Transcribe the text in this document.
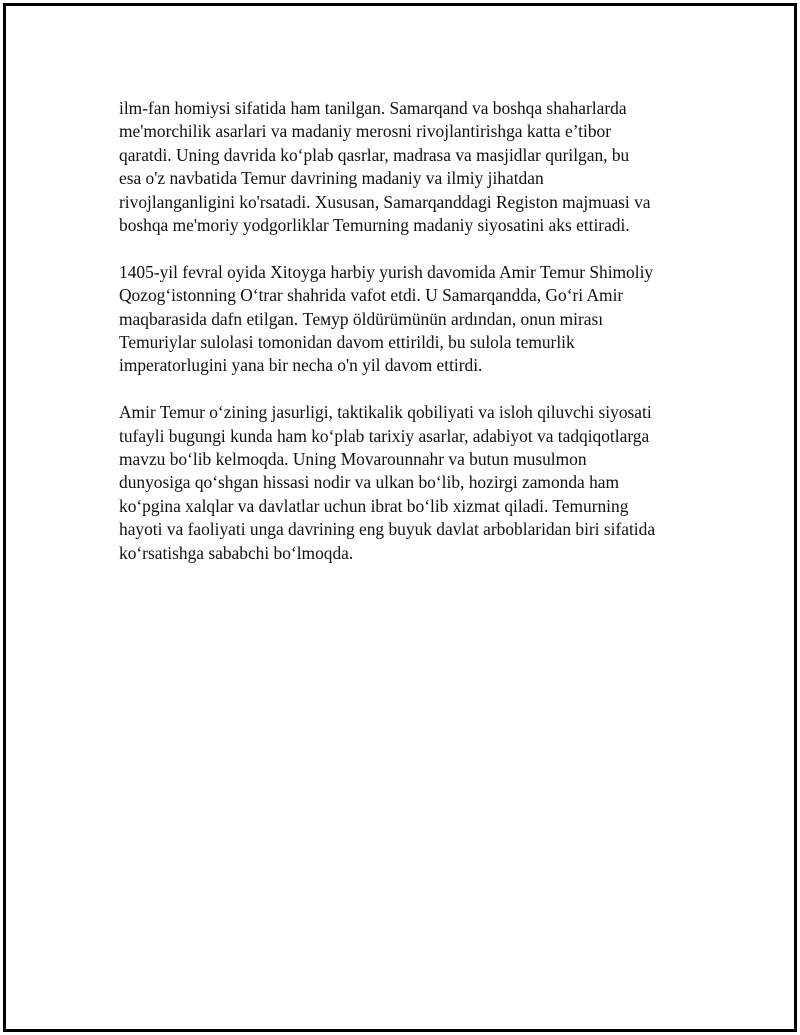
ilm-fan homiysi sifatida ham tanilgan. Samarqand va boshqa shaharlarda
me'morchilik asarlari va madaniy merosni rivojlantirishga katta e’tibor
qaratdi. Uning davrida ko‘plab qasrlar, madrasa va masjidlar qurilgan, bu
esa o'z navbatida Temur davrining madaniy va ilmiy jihatdan
rivojlanganligini ko'rsatadi. Xususan, Samarqanddagi Registon majmuasi va
boshqa me'moriy yodgorliklar Temurning madaniy siyosatini aks ettiradi.

1405-yil fevral oyida Xitoyga harbiy yurish davomida Amir Temur Shimoliy
Qozog‘istonning O‘trar shahrida vafot etdi. U Samarqandda, Go‘ri Amir
maqbarasida dafn etilgan. Темур öldürümünün ardından, onun mirası
Temuriylar sulolasi tomonidan davom ettirildi, bu sulola temurlik
imperatorlugini yana bir necha o'n yil davom ettirdi.

Amir Temur o‘zining jasurligi, taktikalik qobiliyati va isloh qiluvchi siyosati
tufayli bugungi kunda ham ko‘plab tarixiy asarlar, adabiyot va tadqiqotlarga
mavzu bo‘lib kelmoqda. Uning Movarounnahr va butun musulmon
dunyosiga qo‘shgan hissasi nodir va ulkan bo‘lib, hozirgi zamonda ham
ko‘pgina xalqlar va davlatlar uchun ibrat bo‘lib xizmat qiladi. Temurning
hayoti va faoliyati unga davrining eng buyuk davlat arboblaridan biri sifatida
ko‘rsatishga sababchi bo‘lmoqda.
